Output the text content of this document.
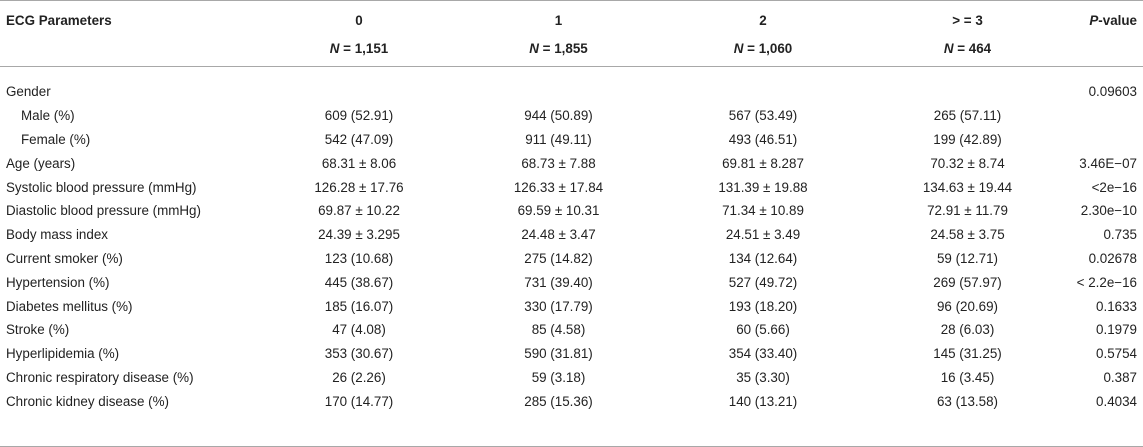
ECG Parameters	0	1	2	> = 3	P-value
	N = 1,151	N = 1,855	N = 1,060	N = 464	

Gender					0.09603
Male (%)	609 (52.91)	944 (50.89)	567 (53.49)	265 (57.11)	
Female (%)	542 (47.09)	911 (49.11)	493 (46.51)	199 (42.89)	
Age (years)	68.31 ± 8.06	68.73 ± 7.88	69.81 ± 8.287	70.32 ± 8.74	3.46E−07
Systolic blood pressure (mmHg)	126.28 ± 17.76	126.33 ± 17.84	131.39 ± 19.88	134.63 ± 19.44	<2e−16
Diastolic blood pressure (mmHg)	69.87 ± 10.22	69.59 ± 10.31	71.34 ± 10.89	72.91 ± 11.79	2.30e−10
Body mass index	24.39 ± 3.295	24.48 ± 3.47	24.51 ± 3.49	24.58 ± 3.75	0.735
Current smoker (%)	123 (10.68)	275 (14.82)	134 (12.64)	59 (12.71)	0.02678
Hypertension (%)	445 (38.67)	731 (39.40)	527 (49.72)	269 (57.97)	< 2.2e−16
Diabetes mellitus (%)	185 (16.07)	330 (17.79)	193 (18.20)	96 (20.69)	0.1633
Stroke (%)	47 (4.08)	85 (4.58)	60 (5.66)	28 (6.03)	0.1979
Hyperlipidemia (%)	353 (30.67)	590 (31.81)	354 (33.40)	145 (31.25)	0.5754
Chronic respiratory disease (%)	26 (2.26)	59 (3.18)	35 (3.30)	16 (3.45)	0.387
Chronic kidney disease (%)	170 (14.77)	285 (15.36)	140 (13.21)	63 (13.58)	0.4034
